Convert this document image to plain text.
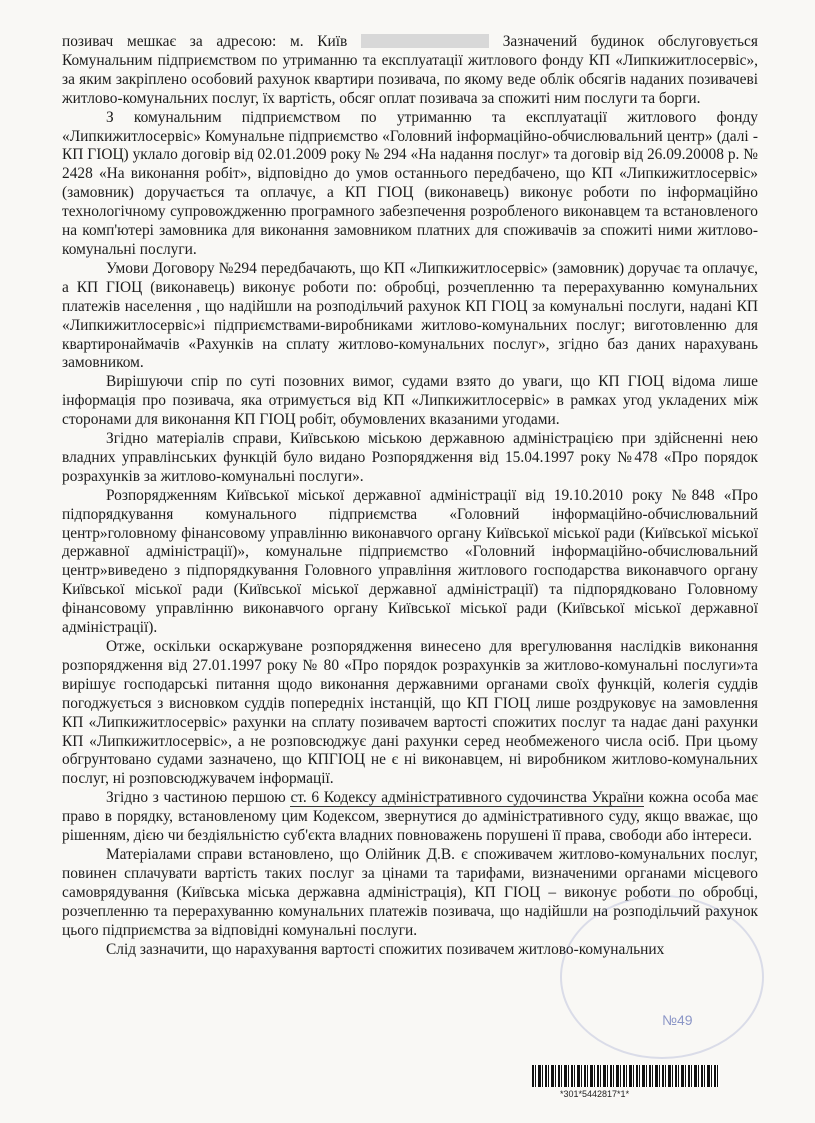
позивач мешкає за адресою: м. Київ	Зазначений будинок обслуговується Комунальним підприємством по утриманню та експлуатації житлового фонду КП «Липкижитлосервіс», за яким закріплено особовий рахунок квартири позивача, по якому веде облік обсягів наданих позивачеві житлово-комунальних послуг, їх вартість, обсяг оплат позивача за спожиті ним послуги та борги.

З комунальним підприємством по утриманню та експлуатації житлового фонду «Липкижитлосервіс» Комунальне підприємство «Головний інформаційно-обчислювальний центр» (далі - КП ГІОЦ) уклало договір від 02.01.2009 року № 294 «На надання послуг» та договір від 26.09.20008 р. № 2428 «На виконання робіт», відповідно до умов останнього передбачено, що КП «Липкижитлосервіс» (замовник) доручається та оплачує, а КП ГІОЦ (виконавець) виконує роботи по інформаційно технологічному супровождженню програмного забезпечення розробленого виконавцем та встановленого на комп'ютері замовника для виконання замовником платних для споживачів за спожиті ними житлово-комунальні послуги.

Умови Договору №294 передбачають, що КП «Липкижитлосервіс» (замовник) доручає та оплачує, а КП ГІОЦ (виконавець) виконує роботи по: обробці, розчепленню та перерахуванню комунальних платежів населення , що надійшли на розподільчий рахунок КП ГІОЦ за комунальні послуги, надані КП «Липкижитлосервіс»і підприємствами-виробниками житлово-комунальних послуг; виготовленню для квартиронаймачів «Рахунків на сплату житлово-комунальних послуг», згідно баз даних нарахувань замовником.

Вирішуючи спір по суті позовних вимог, судами взято до уваги, що КП ГІОЦ відома лише інформація про позивача, яка отримується від КП «Липкижитлосервіс» в рамках угод укладених між сторонами для виконання КП ГІОЦ робіт, обумовлених вказаними угодами.

Згідно матеріалів справи, Київською міською державною адміністрацією при здійсненні нею владних управлінських функцій було видано Розпорядження від 15.04.1997 року №478 «Про порядок розрахунків за житлово-комунальні послуги».

Розпорядженням Київської міської державної адміністрації від 19.10.2010 року №848 «Про підпорядкування комунального підприємства «Головний інформаційно-обчислювальний центр»головному фінансовому управлінню виконавчого органу Київської міської ради (Київської міської державної адміністрації)», комунальне підприємство «Головний інформаційно-обчислювальний центр»виведено з підпорядкування Головного управління житлового господарства виконавчого органу Київської міської ради (Київської міської державної адміністрації) та підпорядковано Головному фінансовому управлінню виконавчого органу Київської міської ради (Київської міської державної адміністрації).

Отже, оскільки оскаржуване розпорядження винесено для врегулювання наслідків виконання розпорядження від 27.01.1997 року № 80 «Про порядок розрахунків за житлово-комунальні послуги»та вирішує господарські питання щодо виконання державними органами своїх функцій, колегія суддів погоджується з висновком суддів попередніх інстанцій, що КП ГІОЦ лише роздруковує на замовлення КП «Липкижитлосервіс» рахунки на сплату позивачем вартості спожитих послуг та надає дані рахунки КП «Липкижитлосервіс», а не розповсюджує дані рахунки серед необмеженого числа осіб. При цьому обгрунтовано судами зазначено, що КПГІОЦ не є ні виконавцем, ні виробником житлово-комунальних послуг, ні розповсюджувачем інформації.

Згідно з частиною першою ст. 6 Кодексу адміністративного судочинства України кожна особа має право в порядку, встановленому цим Кодексом, звернутися до адміністративного суду, якщо вважає, що рішенням, дією чи бездіяльністю суб'єкта владних повноважень порушені її права, свободи або інтереси.

Матеріалами справи встановлено, що Олійник Д.В. є споживачем житлово-комунальних послуг, повинен сплачувати вартість таких послуг за цінами та тарифами, визначеними органами місцевого самоврядування (Київська міська державна адміністрація), КП ГІОЦ – виконує роботи по обробці, розчепленню та перерахуванню комунальних платежів позивача, що надійшли на розподільчий рахунок цього підприємства за відповідні комунальні послуги.

Слід зазначити, що нарахування вартості спожитих позивачем житлово-комунальних

№49
*301*5442817*1*
